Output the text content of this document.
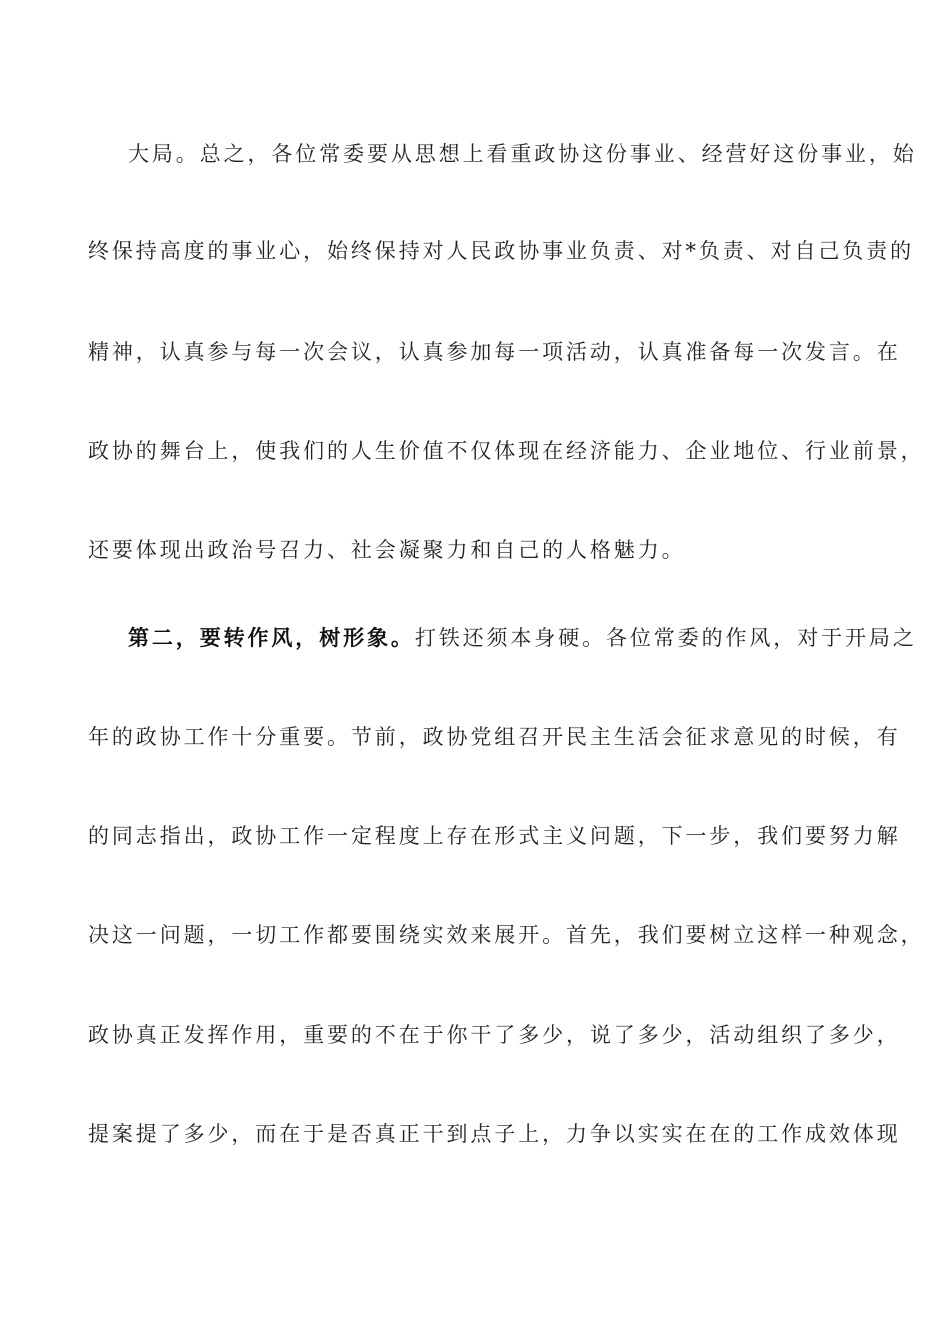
大局。总之，各位常委要从思想上看重政协这份事业、经营好这份事业，始
终保持高度的事业心，始终保持对人民政协事业负责、对*负责、对自己负责的
精神，认真参与每一次会议，认真参加每一项活动，认真准备每一次发言。在
政协的舞台上，使我们的人生价值不仅体现在经济能力、企业地位、行业前景，
还要体现出政治号召力、社会凝聚力和自己的人格魅力。
第二，要转作风，树形象。打铁还须本身硬。各位常委的作风，对于开局之
年的政协工作十分重要。节前，政协党组召开民主生活会征求意见的时候，有
的同志指出，政协工作一定程度上存在形式主义问题，下一步，我们要努力解
决这一问题，一切工作都要围绕实效来展开。首先，我们要树立这样一种观念，
政协真正发挥作用，重要的不在于你干了多少，说了多少，活动组织了多少，
提案提了多少，而在于是否真正干到点子上，力争以实实在在的工作成效体现
